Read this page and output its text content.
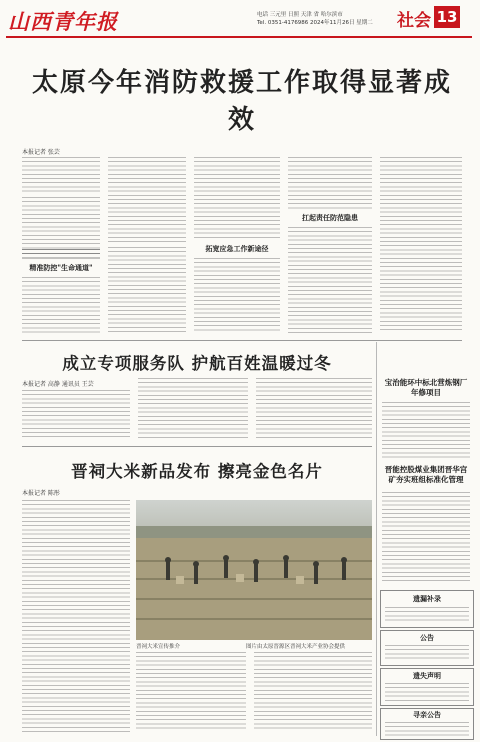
山西青年报	电话 三元里 日照 天津 省 哈尔滨市
Tel. 0351-4176986 2024年11月26日 星期二 社会 13
太原今年消防救援工作取得显著成效
本报记者 张芸
精准防控"生命通道"
拓宽应急工作新途径
扛起责任防范隐患
成立专项服务队 护航百姓温暖过冬
本报记者 高静 通讯员 王芸
晋祠大米新品发布 擦亮金色名片
本报记者 陈彤
晋祠大米宣传推介	图片由太原晋源区晋祠大米产业协会提供
宝治能环中标北营炼钢厂年修项目
晋能控股煤业集团晋华宫矿夯实班组标准化管理
遗漏补录
公告
遗失声明
寻亲公告
